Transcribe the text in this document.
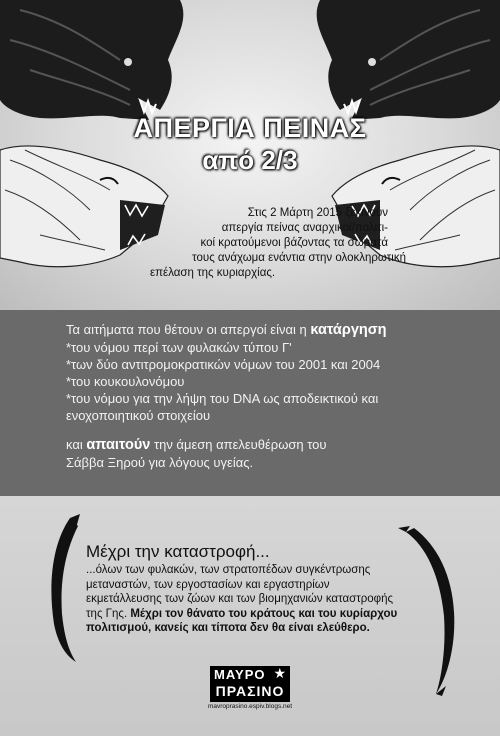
ΑΠΕΡΓΙΑ ΠΕΙΝΑΣ
από 2/3
Στις 2 Μάρτη 2015 ξεκινούν
απεργία πείνας αναρχικοί/πολιτι-
κοί κρατούμενοι βάζοντας τα σώματά
τους ανάχωμα ενάντια στην ολοκληρωτική
επέλαση της κυριαρχίας.
Τα αιτήματα που θέτουν οι απεργοί είναι η κατάργηση
*του νόμου περί των φυλακών τύπου Γ'
*των δύο αντιτρομοκρατικών νόμων του 2001 και 2004
*του κουκουλονόμου
*του νόμου για την λήψη του DNA ως αποδεικτικού και
ενοχοποιητικού στοιχείου
και απαιτούν την άμεση απελευθέρωση του
Σάββα Ξηρού για λόγους υγείας.
Μέχρι την καταστροφή...
...όλων των φυλακών, των στρατοπέδων συγκέντρωσης
μεταναστών, των εργοστασίων και εργαστηρίων
εκμετάλλευσης των ζώων και των βιομηχανιών καταστροφής
της Γης. Μέχρι τον θάνατο του κράτους και του κυρίαρχου
πολιτισμού, κανείς και τίποτα δεν θα είναι ελεύθερο.
ΜΑΥΡΟ ★
ΠΡΑΣΙΝΟ
mavroprasino.espiv.blogs.net
